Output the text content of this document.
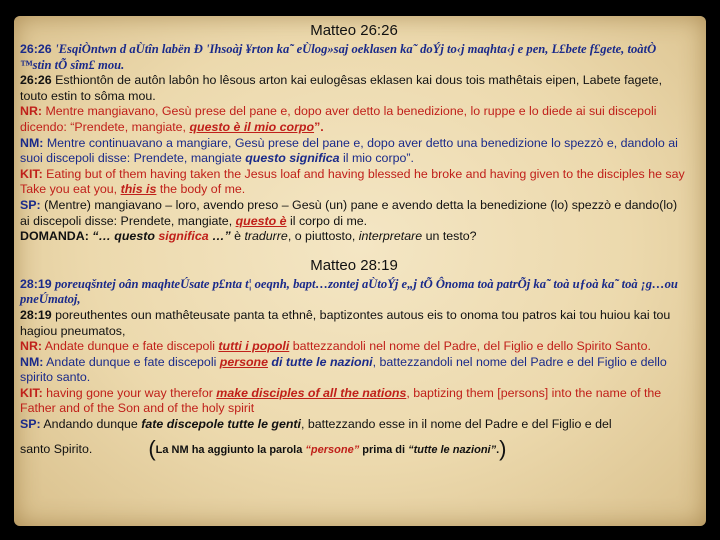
Matteo 26:26

26:26 'EsqiÒntwn d aÙtîn labën Ð 'Ihsoàj ¥rton ka˜ eÙlog»saj oeklasen ka˜ doÝj to‹j maqhta‹j e pen, L£bete f£gete, toàtÒ ™stin tÕ sîm£ mou.

26:26 Esthiontôn de autôn labôn ho lêsous arton kai eulogêsas eklasen kai dous tois mathêtais eipen, Labete fagete, touto estin to sôma mou.

NR: Mentre mangiavano, Gesù prese del pane e, dopo aver detto la benedizione, lo ruppe e lo diede ai sui discepoli dicendo: “Prendete, mangiate, questo è il mio corpo”.

NM: Mentre continuavano a mangiare, Gesù prese del pane e, dopo aver detto una benedizione lo spezzò e, dandolo ai suoi discepoli disse: Prendete, mangiate questo significa il mio corpo”.

KIT: Eating but of them having taken the Jesus loaf and having blessed he broke and having given to the disciples he say Take you eat you, this is the body of me.

SP: (Mentre) mangiavano – loro, avendo preso – Gesù (un) pane e avendo detta la benedizione (lo) spezzò e dando(lo) ai discepoli disse: Prendete, mangiate, questo è il corpo di me.

DOMANDA: “… questo significa …” è tradurre, o piuttosto, interpretare un testo?

Matteo 28:19

28:19 poreuqšntej oân maqhteÚsate p£nta t¦ oeqnh, bapt…zontej aÙtoÝj e„j tÕ Ônoma toà patrÕj ka˜ toà uƒoà ka˜ toà ¡g…ou pneÚmatoj,

28:19 poreuthentes oun mathêteusate panta ta ethnê, baptizontes autous eis to onoma tou patros kai tou huiou kai tou hagiou pneumatos,

NR: Andate dunque e fate discepoli tutti i popoli battezzandoli nel nome del Padre, del Figlio e dello Spirito Santo.

NM: Andate dunque e fate discepoli persone di tutte le nazioni, battezzandoli nel nome del Padre e del Figlio e dello spirito santo.

KIT: having gone your way therefor make disciples of all the nations, baptizing them [persons] into the name of the Father and of the Son and of the holy spirit

SP: Andando dunque fate discepole tutte le genti, battezzando esse in il nome del Padre e del Figlio e del

santo Spirito.	(La NM ha aggiunto la parola “persone” prima di “tutte le nazioni”.)
